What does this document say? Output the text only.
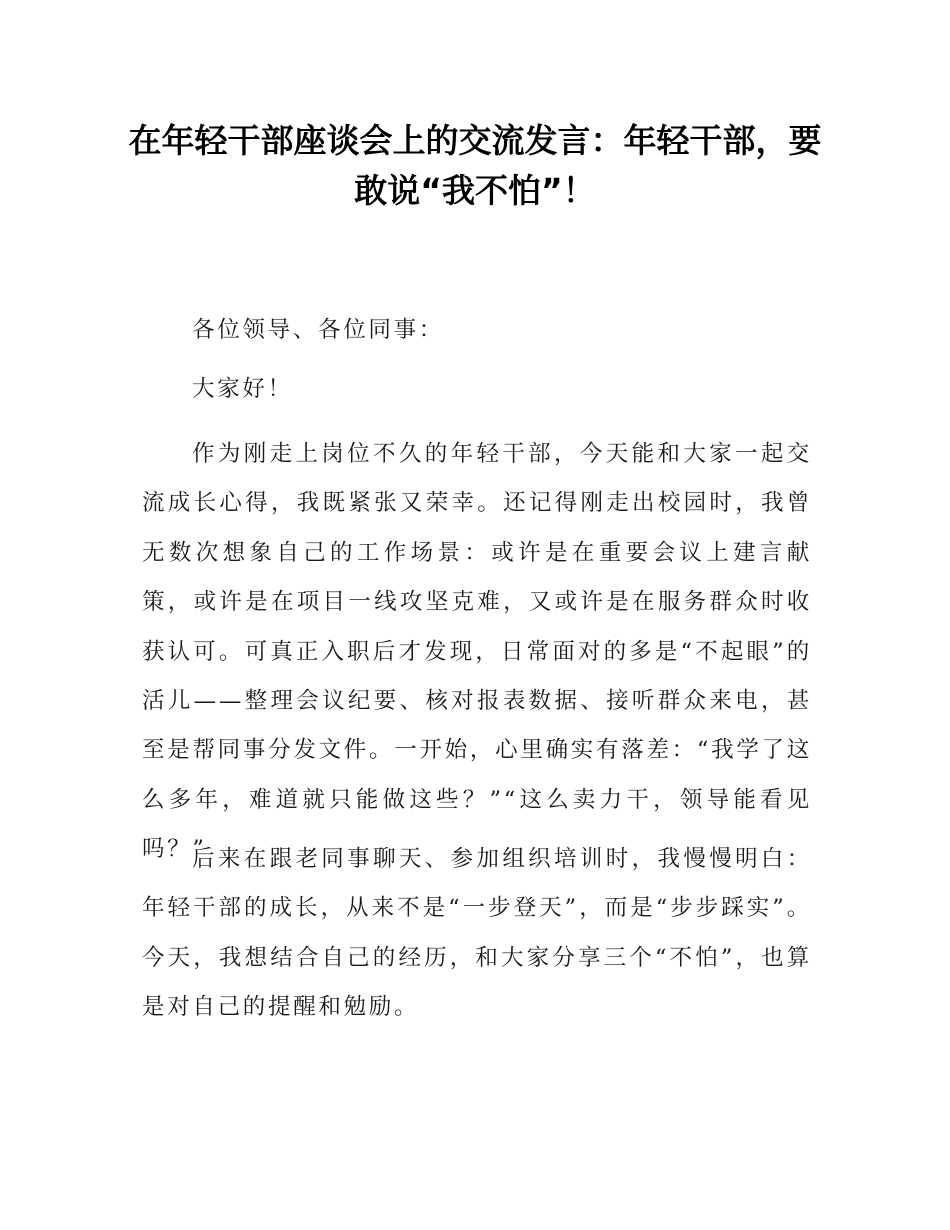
在年轻干部座谈会上的交流发言：年轻干部，要敢说“我不怕”！

各位领导、各位同事：

大家好！

作为刚走上岗位不久的年轻干部，今天能和大家一起交流成长心得，我既紧张又荣幸。还记得刚走出校园时，我曾无数次想象自己的工作场景：或许是在重要会议上建言献策，或许是在项目一线攻坚克难，又或许是在服务群众时收获认可。可真正入职后才发现，日常面对的多是“不起眼”的活儿——整理会议纪要、核对报表数据、接听群众来电，甚至是帮同事分发文件。一开始，心里确实有落差：“我学了这么多年，难道就只能做这些？”“这么卖力干，领导能看见吗？”

后来在跟老同事聊天、参加组织培训时，我慢慢明白：年轻干部的成长，从来不是“一步登天”，而是“步步踩实”。今天，我想结合自己的经历，和大家分享三个“不怕”，也算是对自己的提醒和勉励。
